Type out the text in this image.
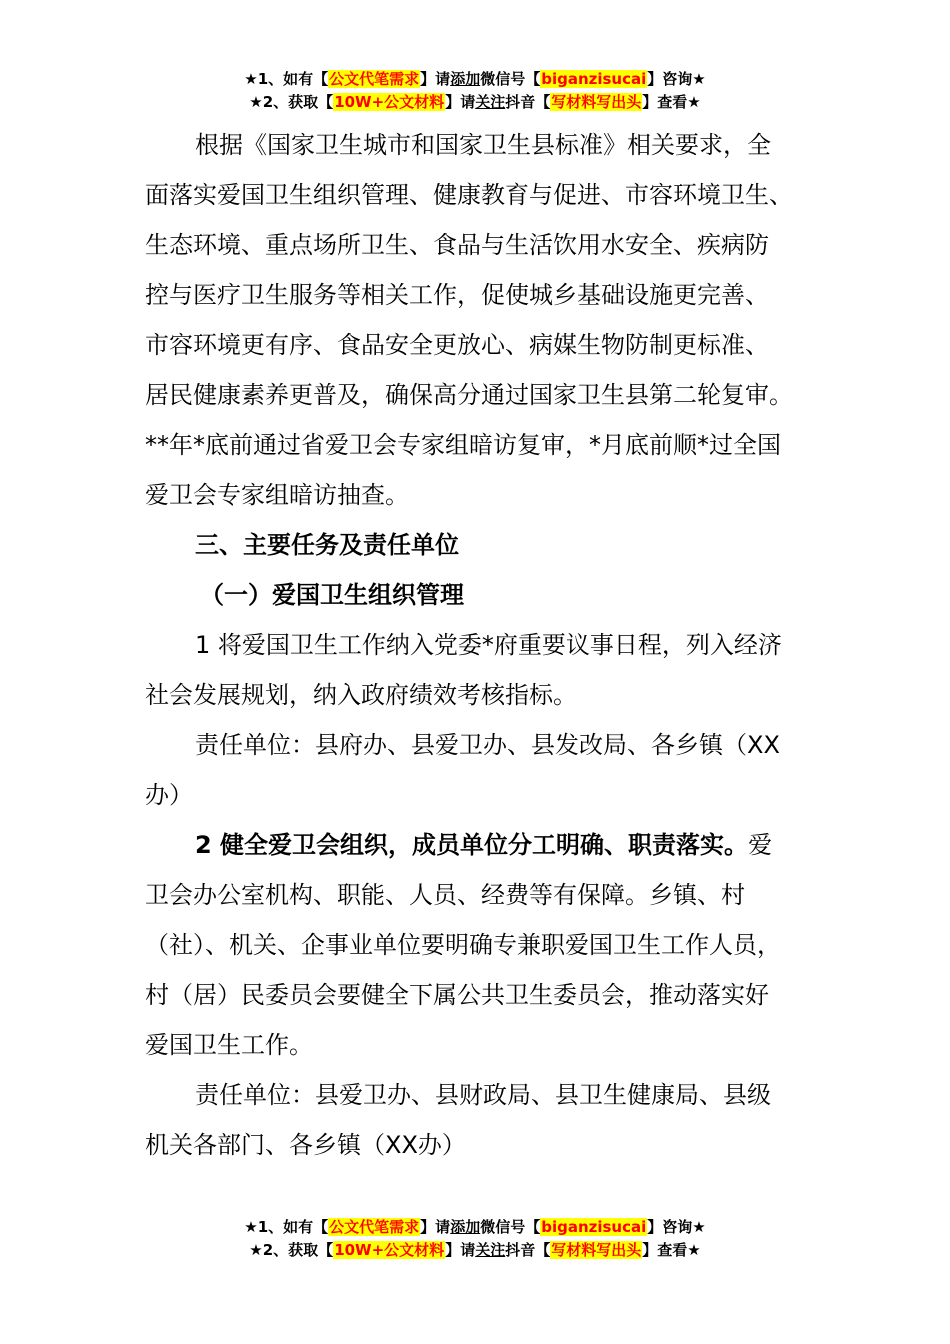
★1、如有【公文代笔需求】请添加微信号【biganzisucai】咨询★
★2、获取【10W+公文材料】请关注抖音【写材料写出头】查看★

根据《国家卫生城市和国家卫生县标准》相关要求，全
面落实爱国卫生组织管理、健康教育与促进、市容环境卫生、
生态环境、重点场所卫生、食品与生活饮用水安全、疾病防
控与医疗卫生服务等相关工作，促使城乡基础设施更完善、
市容环境更有序、食品安全更放心、病媒生物防制更标准、
居民健康素养更普及，确保高分通过国家卫生县第二轮复审。
**年*底前通过省爱卫会专家组暗访复审，*月底前顺*过全国
爱卫会专家组暗访抽查。

三、主要任务及责任单位

（一）爱国卫生组织管理

1 将爱国卫生工作纳入党委*府重要议事日程，列入经济
社会发展规划，纳入政府绩效考核指标。

责任单位：县府办、县爱卫办、县发改局、各乡镇（XX
办）

2 健全爱卫会组织，成员单位分工明确、职责落实。爱
卫会办公室机构、职能、人员、经费等有保障。乡镇、村
（社）、机关、企事业单位要明确专兼职爱国卫生工作人员，
村（居）民委员会要健全下属公共卫生委员会，推动落实好
爱国卫生工作。

责任单位：县爱卫办、县财政局、县卫生健康局、县级
机关各部门、各乡镇（XX办）

★1、如有【公文代笔需求】请添加微信号【biganzisucai】咨询★
★2、获取【10W+公文材料】请关注抖音【写材料写出头】查看★
